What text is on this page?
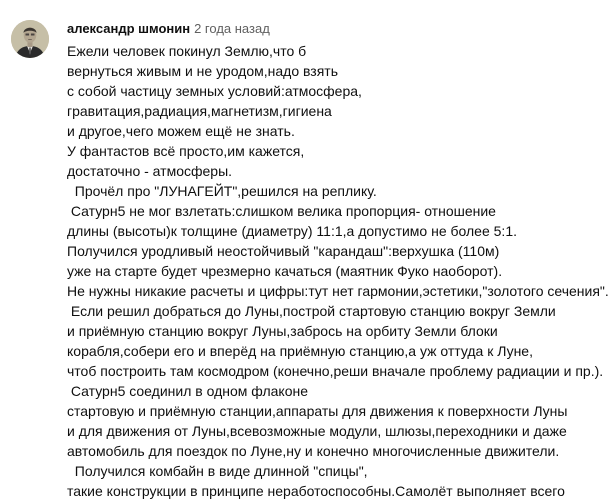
александр шмонин 2 года назад
Ежели человек покинул Землю,что б
вернуться живым и не уродом,надо взять
с собой частицу земных условий:атмосфера,
гравитация,радиация,магнетизм,гигиена
и другое,чего можем ещё не знать.
У фантастов всё просто,им кажется,
достаточно - атмосферы.
Прочёл про "ЛУНАГЕЙТ",решился на реплику.
Сатурн5 не мог взлетать:слишком велика пропорция- отношение
длины (высоты)к толщине (диаметру) 11:1,а допустимо не более 5:1.
Получился уродливый неостойчивый "карандаш":верхушка (110м)
уже на старте будет чрезмерно качаться (маятник Фуко наоборот).
Не нужны никакие расчеты и цифры:тут нет гармонии,эстетики,"золотого сечения".
Если решил добраться до Луны,построй стартовую станцию вокруг Земли
и приёмную станцию вокруг Луны,забрось на орбиту Земли блоки
корабля,собери его и вперёд на приёмную станцию,а уж оттуда к Луне,
чтоб построить там космодром (конечно,реши вначале проблему радиации и пр.).
Сатурн5 соединил в одном флаконе
стартовую и приёмную станции,аппараты для движения к поверхности Луны
и для движения от Луны,всевозможные модули, шлюзы,переходники и даже
автомобиль для поездок по Луне,ну и конечно многочисленные движители.
Получился комбайн в виде длинной "спицы",
такие конструкции в принципе неработоспособны.Самолёт выполняет всего
